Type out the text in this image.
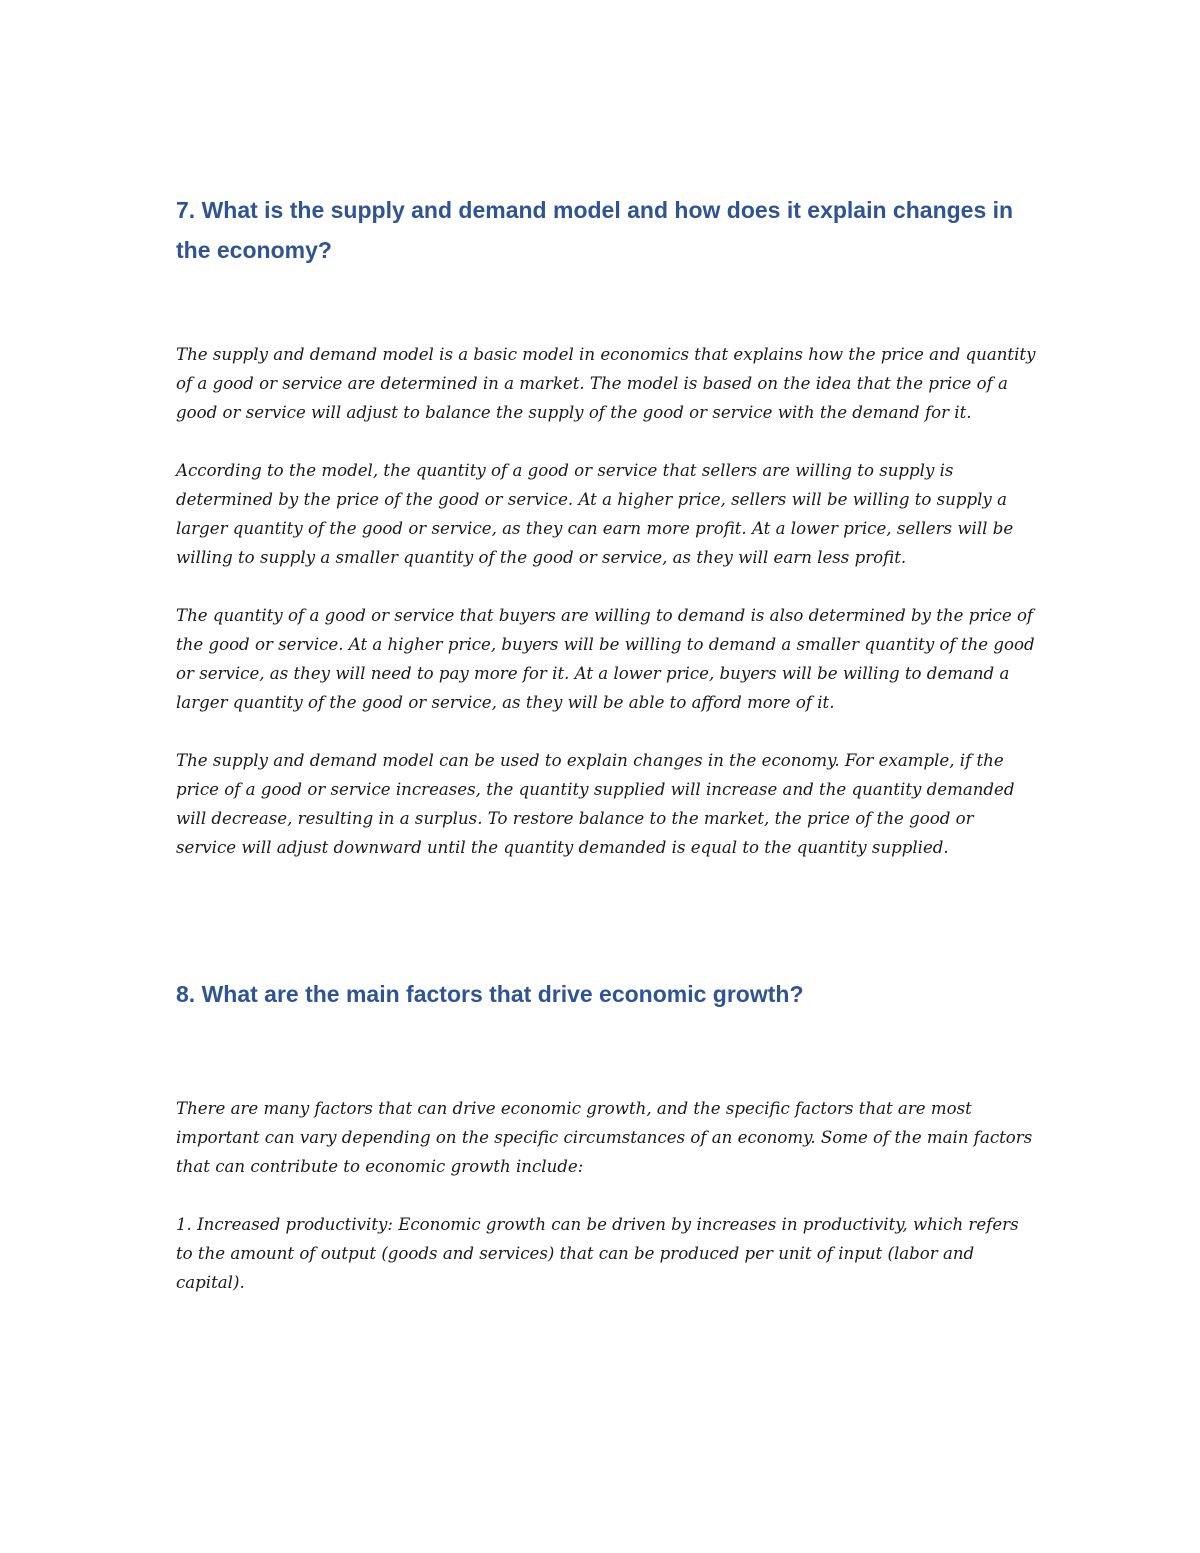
7. What is the supply and demand model and how does it explain changes in the economy?

The supply and demand model is a basic model in economics that explains how the price and quantity of a good or service are determined in a market. The model is based on the idea that the price of a good or service will adjust to balance the supply of the good or service with the demand for it.

According to the model, the quantity of a good or service that sellers are willing to supply is determined by the price of the good or service. At a higher price, sellers will be willing to supply a larger quantity of the good or service, as they can earn more profit. At a lower price, sellers will be willing to supply a smaller quantity of the good or service, as they will earn less profit.

The quantity of a good or service that buyers are willing to demand is also determined by the price of the good or service. At a higher price, buyers will be willing to demand a smaller quantity of the good or service, as they will need to pay more for it. At a lower price, buyers will be willing to demand a larger quantity of the good or service, as they will be able to afford more of it.

The supply and demand model can be used to explain changes in the economy. For example, if the price of a good or service increases, the quantity supplied will increase and the quantity demanded will decrease, resulting in a surplus. To restore balance to the market, the price of the good or service will adjust downward until the quantity demanded is equal to the quantity supplied.

8. What are the main factors that drive economic growth?

There are many factors that can drive economic growth, and the specific factors that are most important can vary depending on the specific circumstances of an economy. Some of the main factors that can contribute to economic growth include:

1. Increased productivity: Economic growth can be driven by increases in productivity, which refers to the amount of output (goods and services) that can be produced per unit of input (labor and capital).
